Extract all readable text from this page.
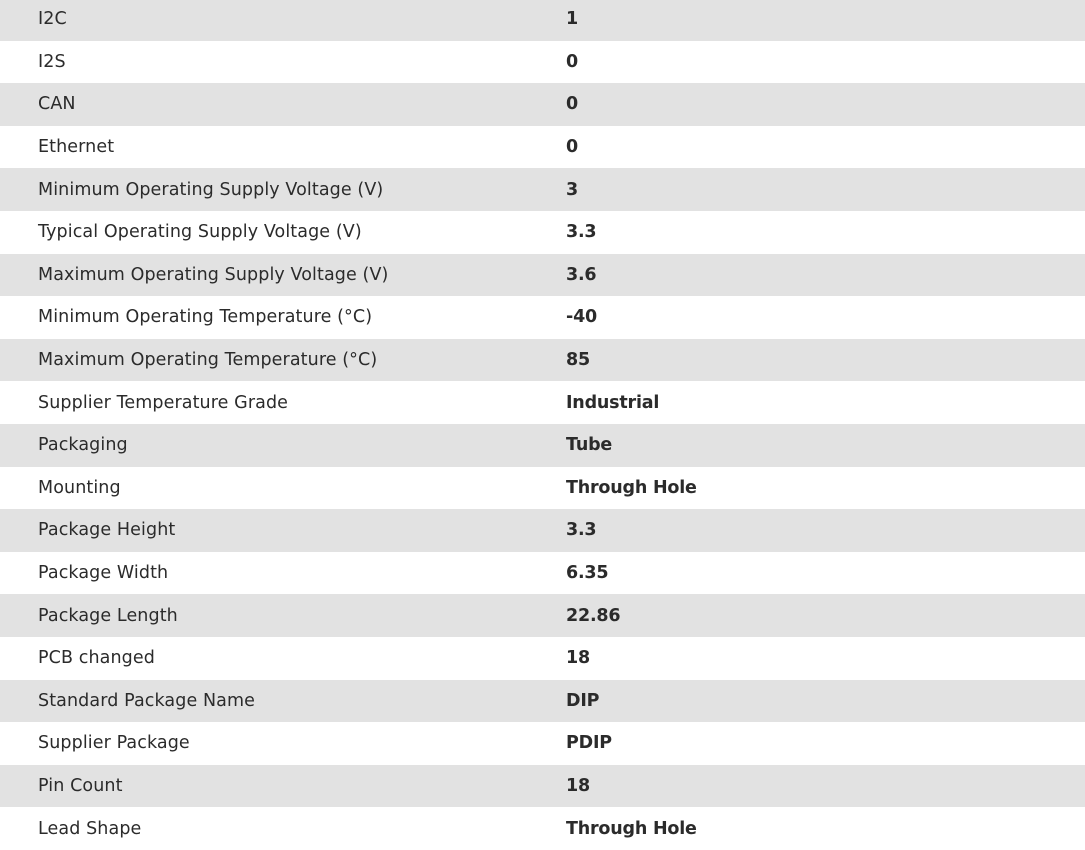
I2C	1
I2S	0
CAN	0
Ethernet	0
Minimum Operating Supply Voltage (V)	3
Typical Operating Supply Voltage (V)	3.3
Maximum Operating Supply Voltage (V)	3.6
Minimum Operating Temperature (°C)	-40
Maximum Operating Temperature (°C)	85
Supplier Temperature Grade	Industrial
Packaging	Tube
Mounting	Through Hole
Package Height	3.3
Package Width	6.35
Package Length	22.86
PCB changed	18
Standard Package Name	DIP
Supplier Package	PDIP
Pin Count	18
Lead Shape	Through Hole
